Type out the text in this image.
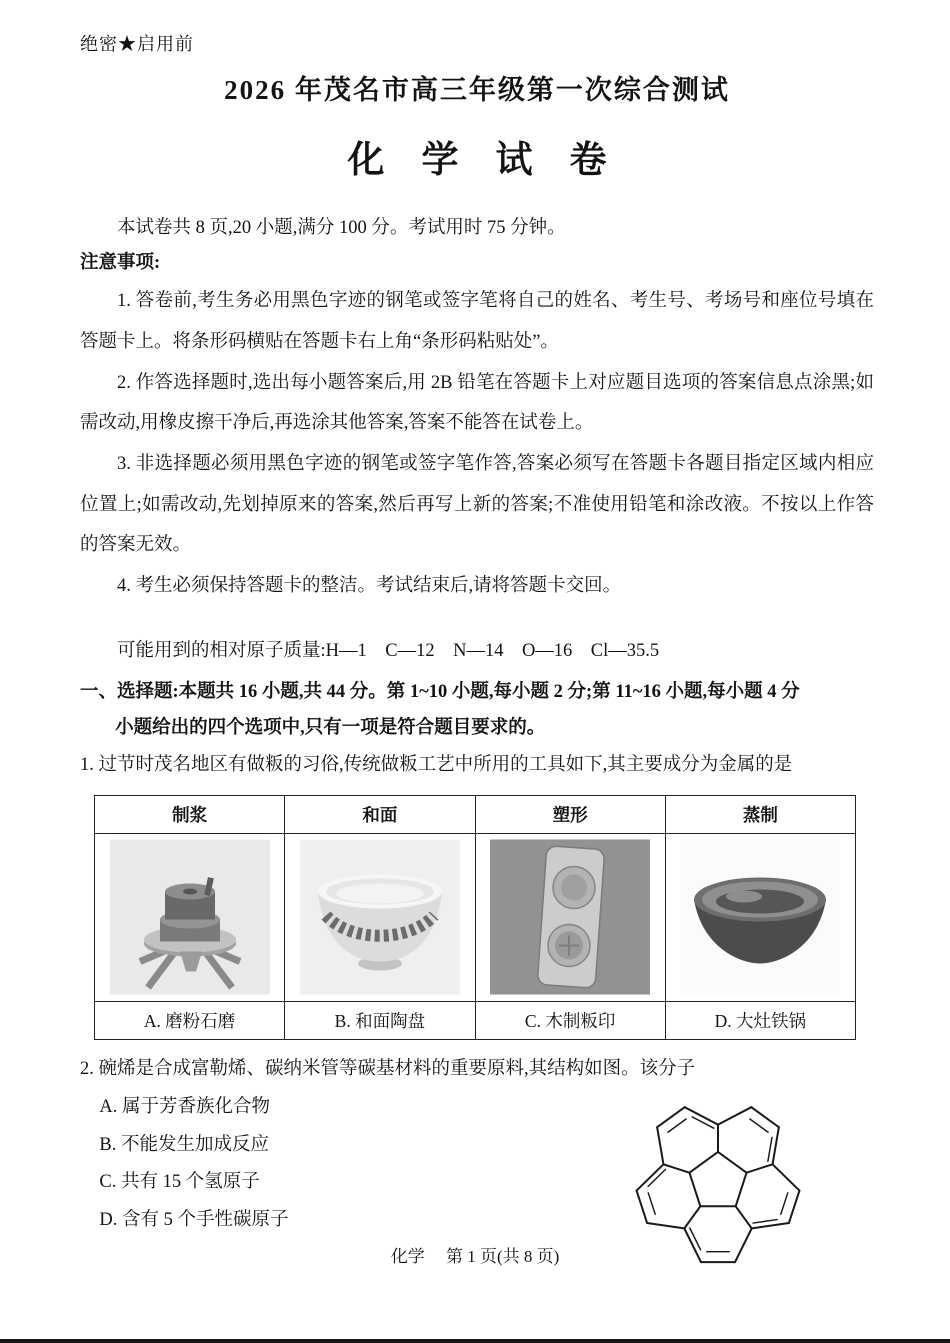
绝密★启用前
2026 年茂名市高三年级第一次综合测试
化　学　试　卷

本试卷共 8 页,20 小题,满分 100 分。考试用时 75 分钟。

注意事项:

1. 答卷前,考生务必用黑色字迹的钢笔或签字笔将自己的姓名、考生号、考场号和座位号填在答题卡上。将条形码横贴在答题卡右上角“条形码粘贴处”。

2. 作答选择题时,选出每小题答案后,用 2B 铅笔在答题卡上对应题目选项的答案信息点涂黑;如需改动,用橡皮擦干净后,再选涂其他答案,答案不能答在试卷上。

3. 非选择题必须用黑色字迹的钢笔或签字笔作答,答案必须写在答题卡各题目指定区域内相应位置上;如需改动,先划掉原来的答案,然后再写上新的答案;不准使用铅笔和涂改液。不按以上作答的答案无效。

4. 考生必须保持答题卡的整洁。考试结束后,请将答题卡交回。

可能用到的相对原子质量:H—1　C—12　N—14　O—16　Cl—35.5

一、选择题:本题共 16 小题,共 44 分。第 1~10 小题,每小题 2 分;第 11~16 小题,每小题 4 分

小题给出的四个选项中,只有一项是符合题目要求的。

1. 过节时茂名地区有做粄的习俗,传统做粄工艺中所用的工具如下,其主要成分为金属的是

制浆	和面	塑形	蒸制

A. 磨粉石磨	B. 和面陶盘	C. 木制粄印	D. 大灶铁锅

2. 碗烯是合成富勒烯、碳纳米管等碳基材料的重要原料,其结构如图。该分子

A. 属于芳香族化合物

B. 不能发生加成反应

C. 共有 15 个氢原子

D. 含有 5 个手性碳原子

化学　 第 1 页(共 8 页)
